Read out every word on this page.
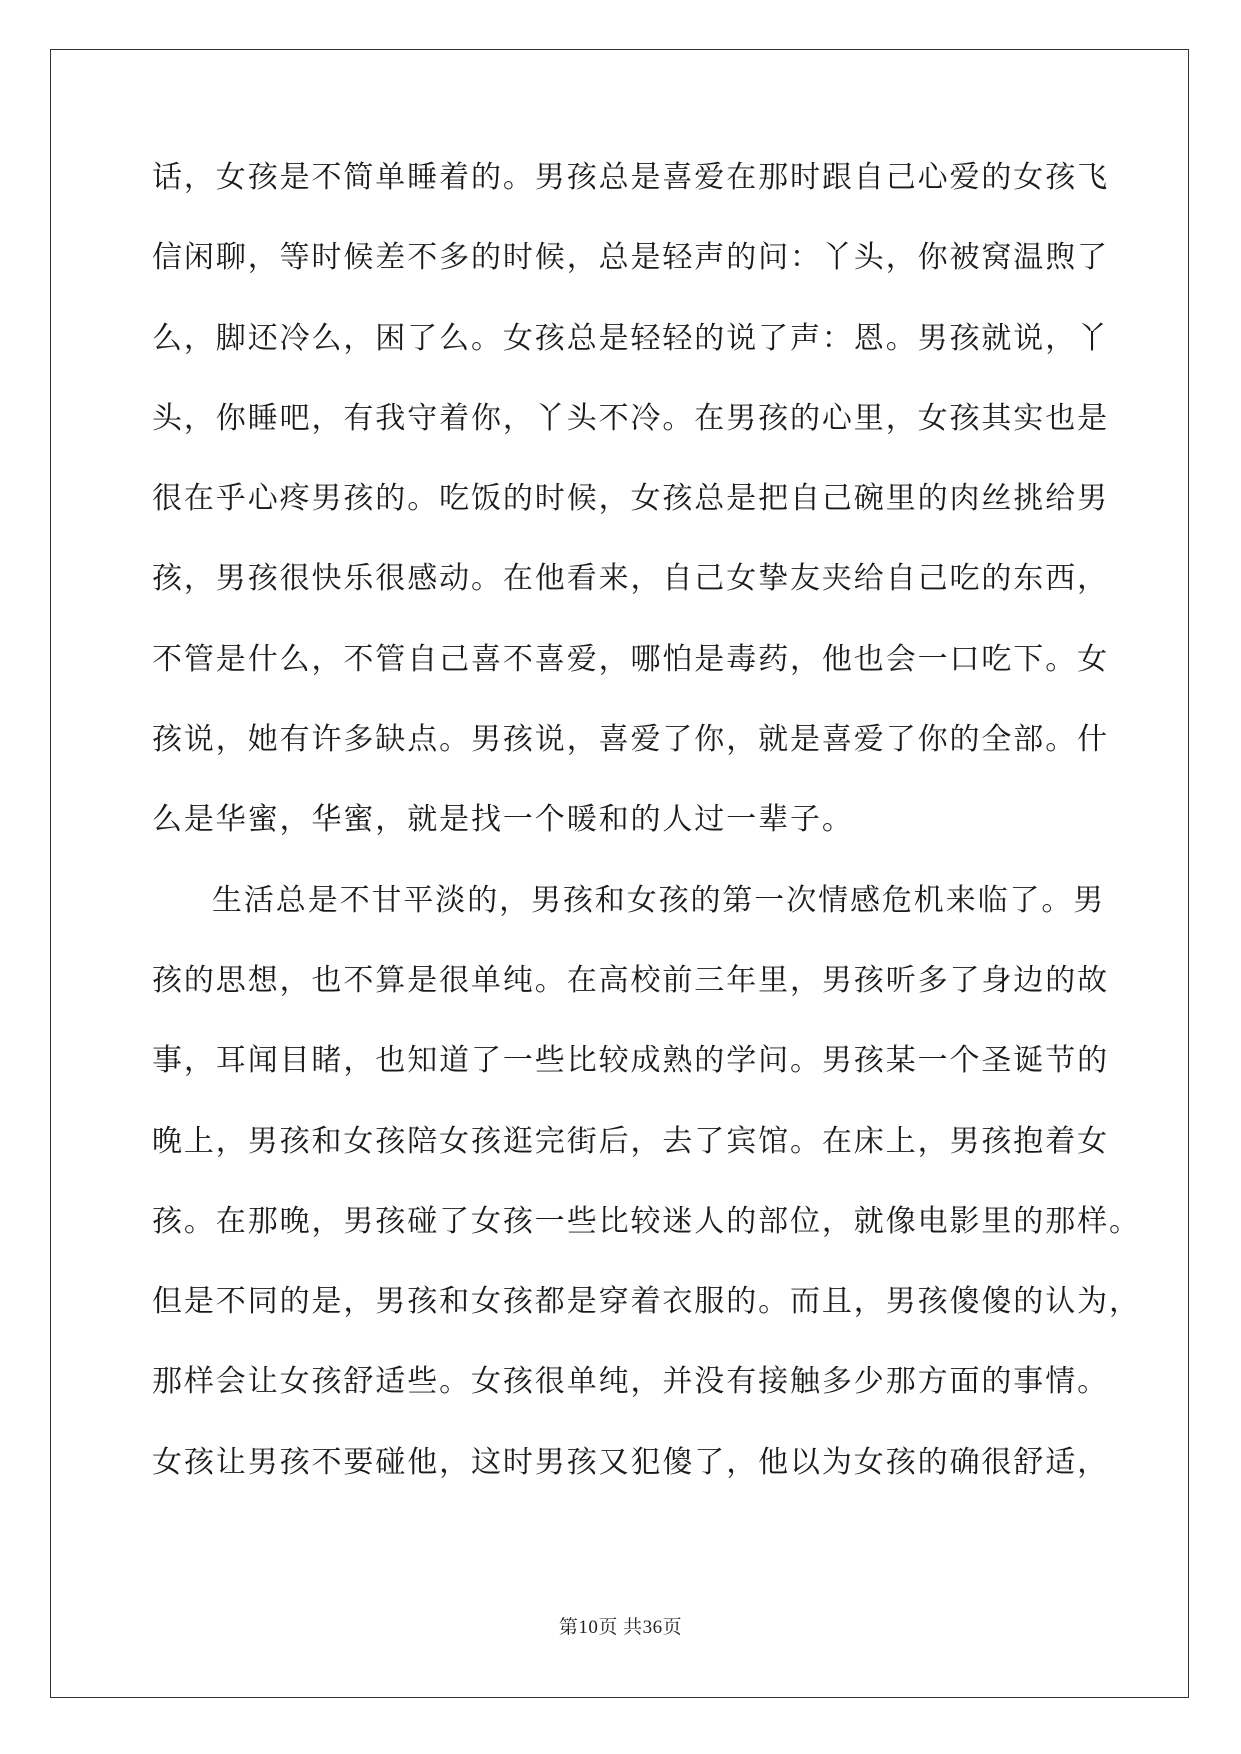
话，女孩是不简单睡着的。男孩总是喜爱在那时跟自己心爱的女孩飞
信闲聊，等时候差不多的时候，总是轻声的问：丫头，你被窝温煦了
么，脚还冷么，困了么。女孩总是轻轻的说了声：恩。男孩就说，丫
头，你睡吧，有我守着你，丫头不冷。在男孩的心里，女孩其实也是
很在乎心疼男孩的。吃饭的时候，女孩总是把自己碗里的肉丝挑给男
孩，男孩很快乐很感动。在他看来，自己女挚友夹给自己吃的东西，
不管是什么，不管自己喜不喜爱，哪怕是毒药，他也会一口吃下。女
孩说，她有许多缺点。男孩说，喜爱了你，就是喜爱了你的全部。什
么是华蜜，华蜜，就是找一个暖和的人过一辈子。
生活总是不甘平淡的，男孩和女孩的第一次情感危机来临了。男
孩的思想，也不算是很单纯。在高校前三年里，男孩听多了身边的故
事，耳闻目睹，也知道了一些比较成熟的学问。男孩某一个圣诞节的
晚上，男孩和女孩陪女孩逛完街后，去了宾馆。在床上，男孩抱着女
孩。在那晚，男孩碰了女孩一些比较迷人的部位，就像电影里的那样。
但是不同的是，男孩和女孩都是穿着衣服的。而且，男孩傻傻的认为，
那样会让女孩舒适些。女孩很单纯，并没有接触多少那方面的事情。
女孩让男孩不要碰他，这时男孩又犯傻了，他以为女孩的确很舒适，
第10页 共36页
